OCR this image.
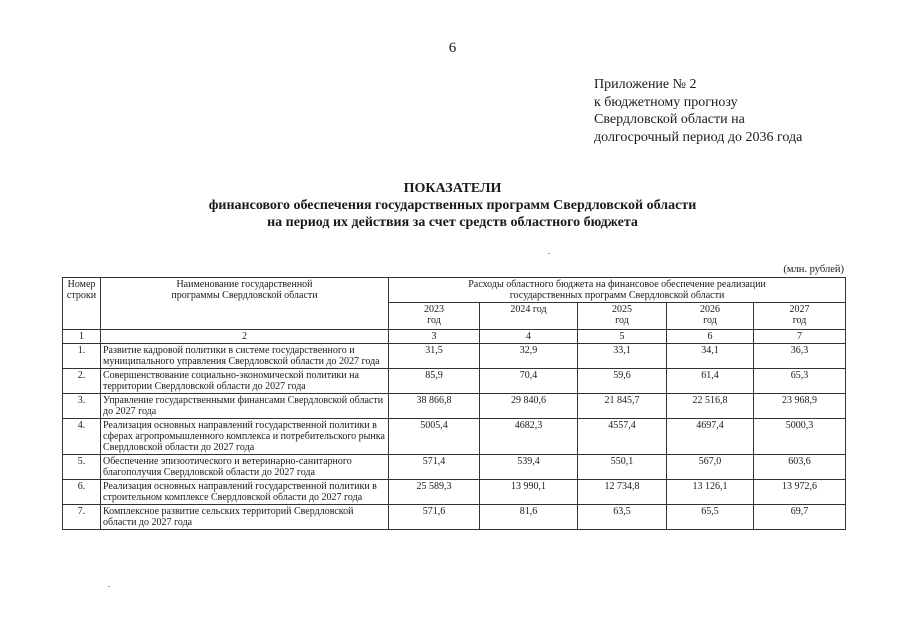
6
Приложение № 2
к бюджетному прогнозу
Свердловской области на
долгосрочный период до 2036 года
ПОКАЗАТЕЛИ
финансового обеспечения государственных программ Свердловской области
на период их действия за счет средств областного бюджета
(млн. рублей)
Номер строки	Наименование государственной программы Свердловской области	Расходы областного бюджета на финансовое обеспечение реализации государственных программ Свердловской области				
		2023 год	2024 год	2025 год	2026 год	2027 год
1	2	3	4	5	6	7
1.	Развитие кадровой политики в системе государственного и муниципального управления Свердловской области до 2027 года	31,5	32,9	33,1	34,1	36,3
2.	Совершенствование социально-экономической политики на территории Свердловской области до 2027 года	85,9	70,4	59,6	61,4	65,3
3.	Управление государственными финансами Свердловской области до 2027 года	38 866,8	29 840,6	21 845,7	22 516,8	23 968,9
4.	Реализация основных направлений государственной политики в сферах агропромышленного комплекса и потребительского рынка Свердловской области до 2027 года	5005,4	4682,3	4557,4	4697,4	5000,3
5.	Обеспечение эпизоотического и ветеринарно-санитарного благополучия Свердловской области до 2027 года	571,4	539,4	550,1	567,0	603,6
6.	Реализация основных направлений государственной политики в строительном комплексе Свердловской области до 2027 года	25 589,3	13 990,1	12 734,8	13 126,1	13 972,6
7.	Комплексное развитие сельских территорий Свердловской области до 2027 года	571,6	81,6	63,5	65,5	69,7
